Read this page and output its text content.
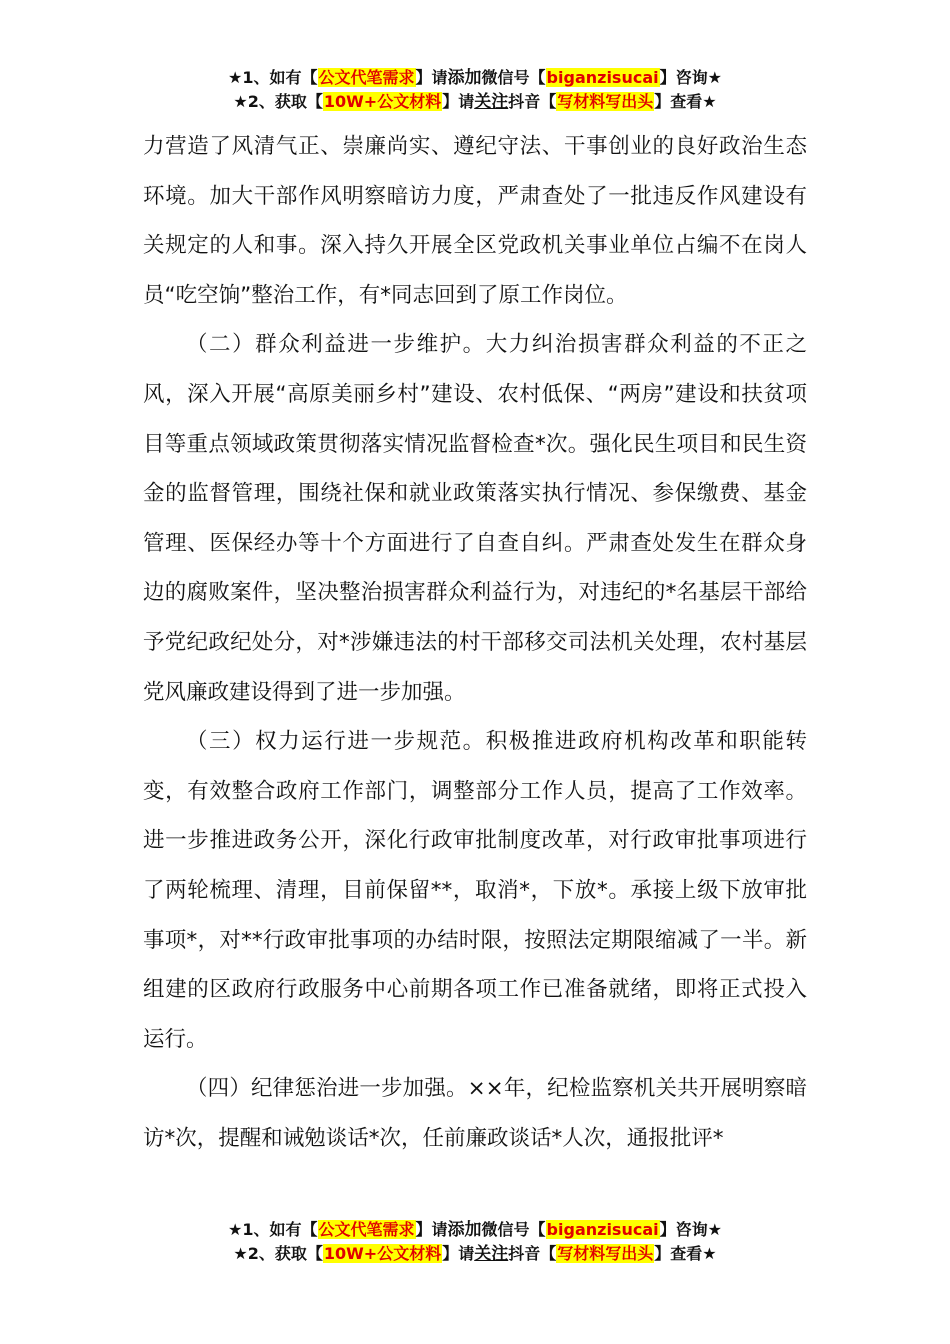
★1、如有【公文代笔需求】请添加微信号【biganzisucai】咨询★
★2、获取【10W+公文材料】请关注抖音【写材料写出头】查看★

力营造了风清气正、崇廉尚实、遵纪守法、干事创业的良好政治生态环境。加大干部作风明察暗访力度，严肃查处了一批违反作风建设有关规定的人和事。深入持久开展全区党政机关事业单位占编不在岗人员“吃空饷”整治工作，有*同志回到了原工作岗位。

（二）群众利益进一步维护。大力纠治损害群众利益的不正之风，深入开展“高原美丽乡村”建设、农村低保、“两房”建设和扶贫项目等重点领域政策贯彻落实情况监督检查*次。强化民生项目和民生资金的监督管理，围绕社保和就业政策落实执行情况、参保缴费、基金管理、医保经办等十个方面进行了自查自纠。严肃查处发生在群众身边的腐败案件，坚决整治损害群众利益行为，对违纪的*名基层干部给予党纪政纪处分，对*涉嫌违法的村干部移交司法机关处理，农村基层党风廉政建设得到了进一步加强。

（三）权力运行进一步规范。积极推进政府机构改革和职能转变，有效整合政府工作部门，调整部分工作人员，提高了工作效率。进一步推进政务公开，深化行政审批制度改革，对行政审批事项进行了两轮梳理、清理，目前保留**，取消*，下放*。承接上级下放审批事项*，对**行政审批事项的办结时限，按照法定期限缩减了一半。新组建的区政府行政服务中心前期各项工作已准备就绪，即将正式投入运行。

（四）纪律惩治进一步加强。××年，纪检监察机关共开展明察暗访*次，提醒和诫勉谈话*次，任前廉政谈话*人次，通报批评*

★1、如有【公文代笔需求】请添加微信号【biganzisucai】咨询★
★2、获取【10W+公文材料】请关注抖音【写材料写出头】查看★
